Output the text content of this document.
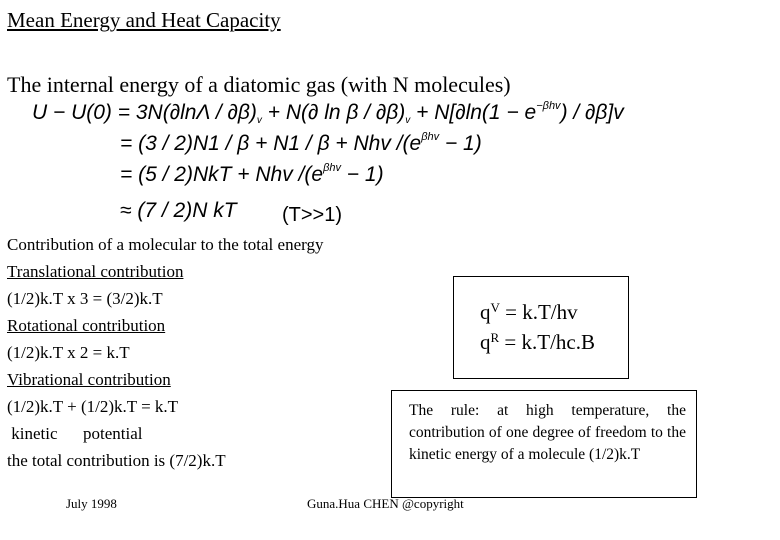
Mean Energy and Heat Capacity
The internal energy of a diatomic gas (with N molecules)
U − U(0) = 3N(∂lnΛ / ∂β)v + N(∂ $\ln \beta / \partial\beta)v + N[\partial\ln(1 - e^{-\beta hv}) / \partial\beta]v$
= (3 / 2)N1 / β + N1 / β + Nhv $/(e^{\beta hv} - 1)$
= (5 / 2)NkT + Nhv $/(e^{\beta hv} - 1)$
≈ (7 / 2)N kT (T>>1)
Contribution of a molecular to the total energy
Translational contribution
(1/2)k.T x 3 = (3/2)k.T
Rotational contribution
(1/2)k.T x 2 = k.T
Vibrational contribution
(1/2)k.T + (1/2)k.T = k.T
kinetic      potential
the total contribution is (7/2)k.T
$q^V = k.T/hv$
$q^R = k.T/hc.B$
The rule: at high temperature, the contribution of one degree of freedom to the kinetic energy of a molecule (1/2)k.T
July 1998	Guna.Hua CHEN @copyright
